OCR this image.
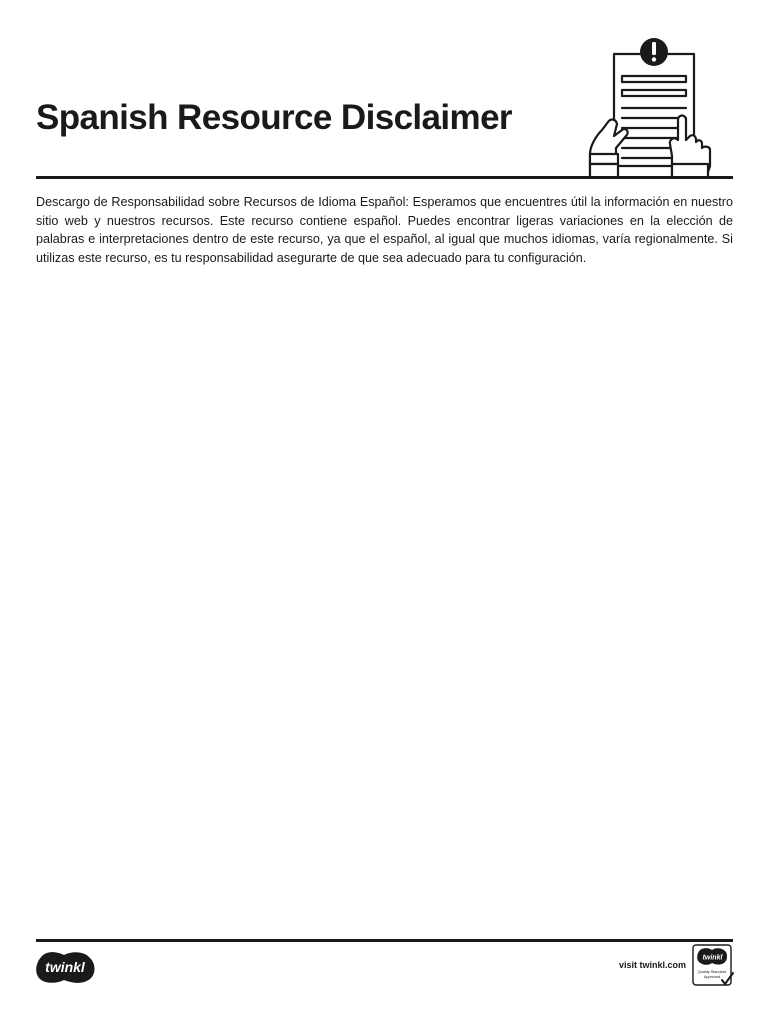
Spanish Resource Disclaimer

Descargo de Responsabilidad sobre Recursos de Idioma Español: Esperamos que encuentres útil la información en nuestro sitio web y nuestros recursos. Este recurso contiene español. Puedes encontrar ligeras variaciones en la elección de palabras e interpretaciones dentro de este recurso, ya que el español, al igual que muchos idiomas, varía regionalmente. Si utilizas este recurso, es tu responsabilidad asegurarte de que sea adecuado para tu configuración.

twinkl	visit twinkl.com
twinkl
Quality Standard
Approved
